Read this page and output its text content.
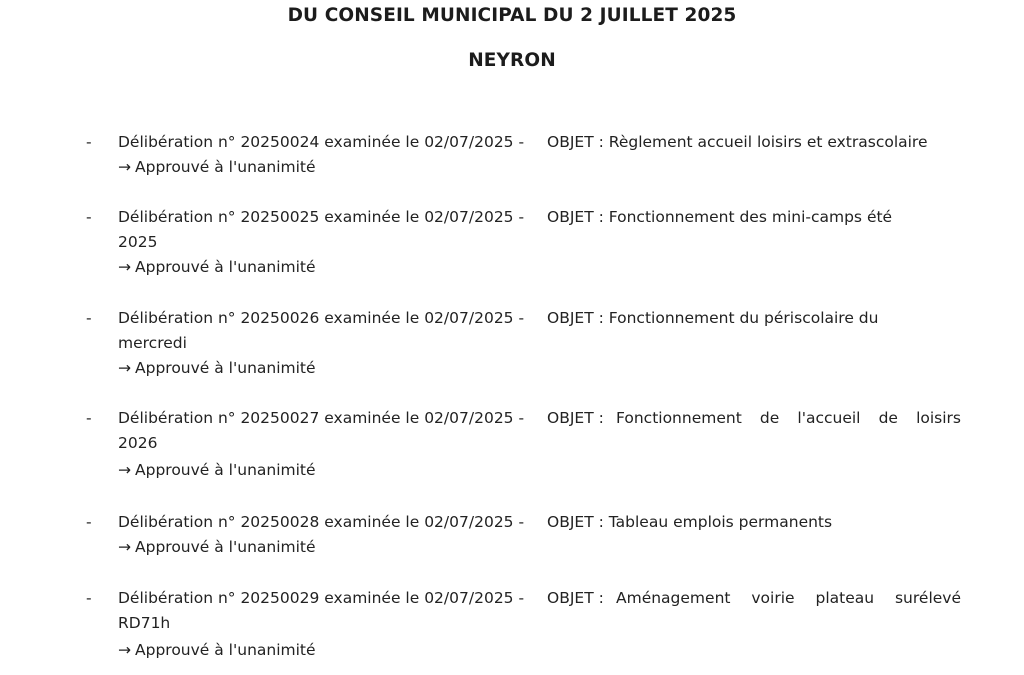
DU CONSEIL MUNICIPAL DU 2 JUILLET 2025
NEYRON
- Délibération n° 20250024 examinée le 02/07/2025 -
→ Approuvé à l'unanimité
OBJET : Règlement accueil loisirs et extrascolaire
- Délibération n° 20250025 examinée le 02/07/2025 -
2025
→ Approuvé à l'unanimité
OBJET : Fonctionnement des mini-camps été
- Délibération n° 20250026 examinée le 02/07/2025 -
mercredi
→ Approuvé à l'unanimité
OBJET : Fonctionnement du périscolaire du
- Délibération n° 20250027 examinée le 02/07/2025 -
2026
→ Approuvé à l'unanimité
OBJET : Fonctionnement de l'accueil de loisirs
- Délibération n° 20250028 examinée le 02/07/2025 -
→ Approuvé à l'unanimité
OBJET : Tableau emplois permanents
- Délibération n° 20250029 examinée le 02/07/2025 -
RD71h
→ Approuvé à l'unanimité
OBJET : Aménagement voirie plateau surélevé
